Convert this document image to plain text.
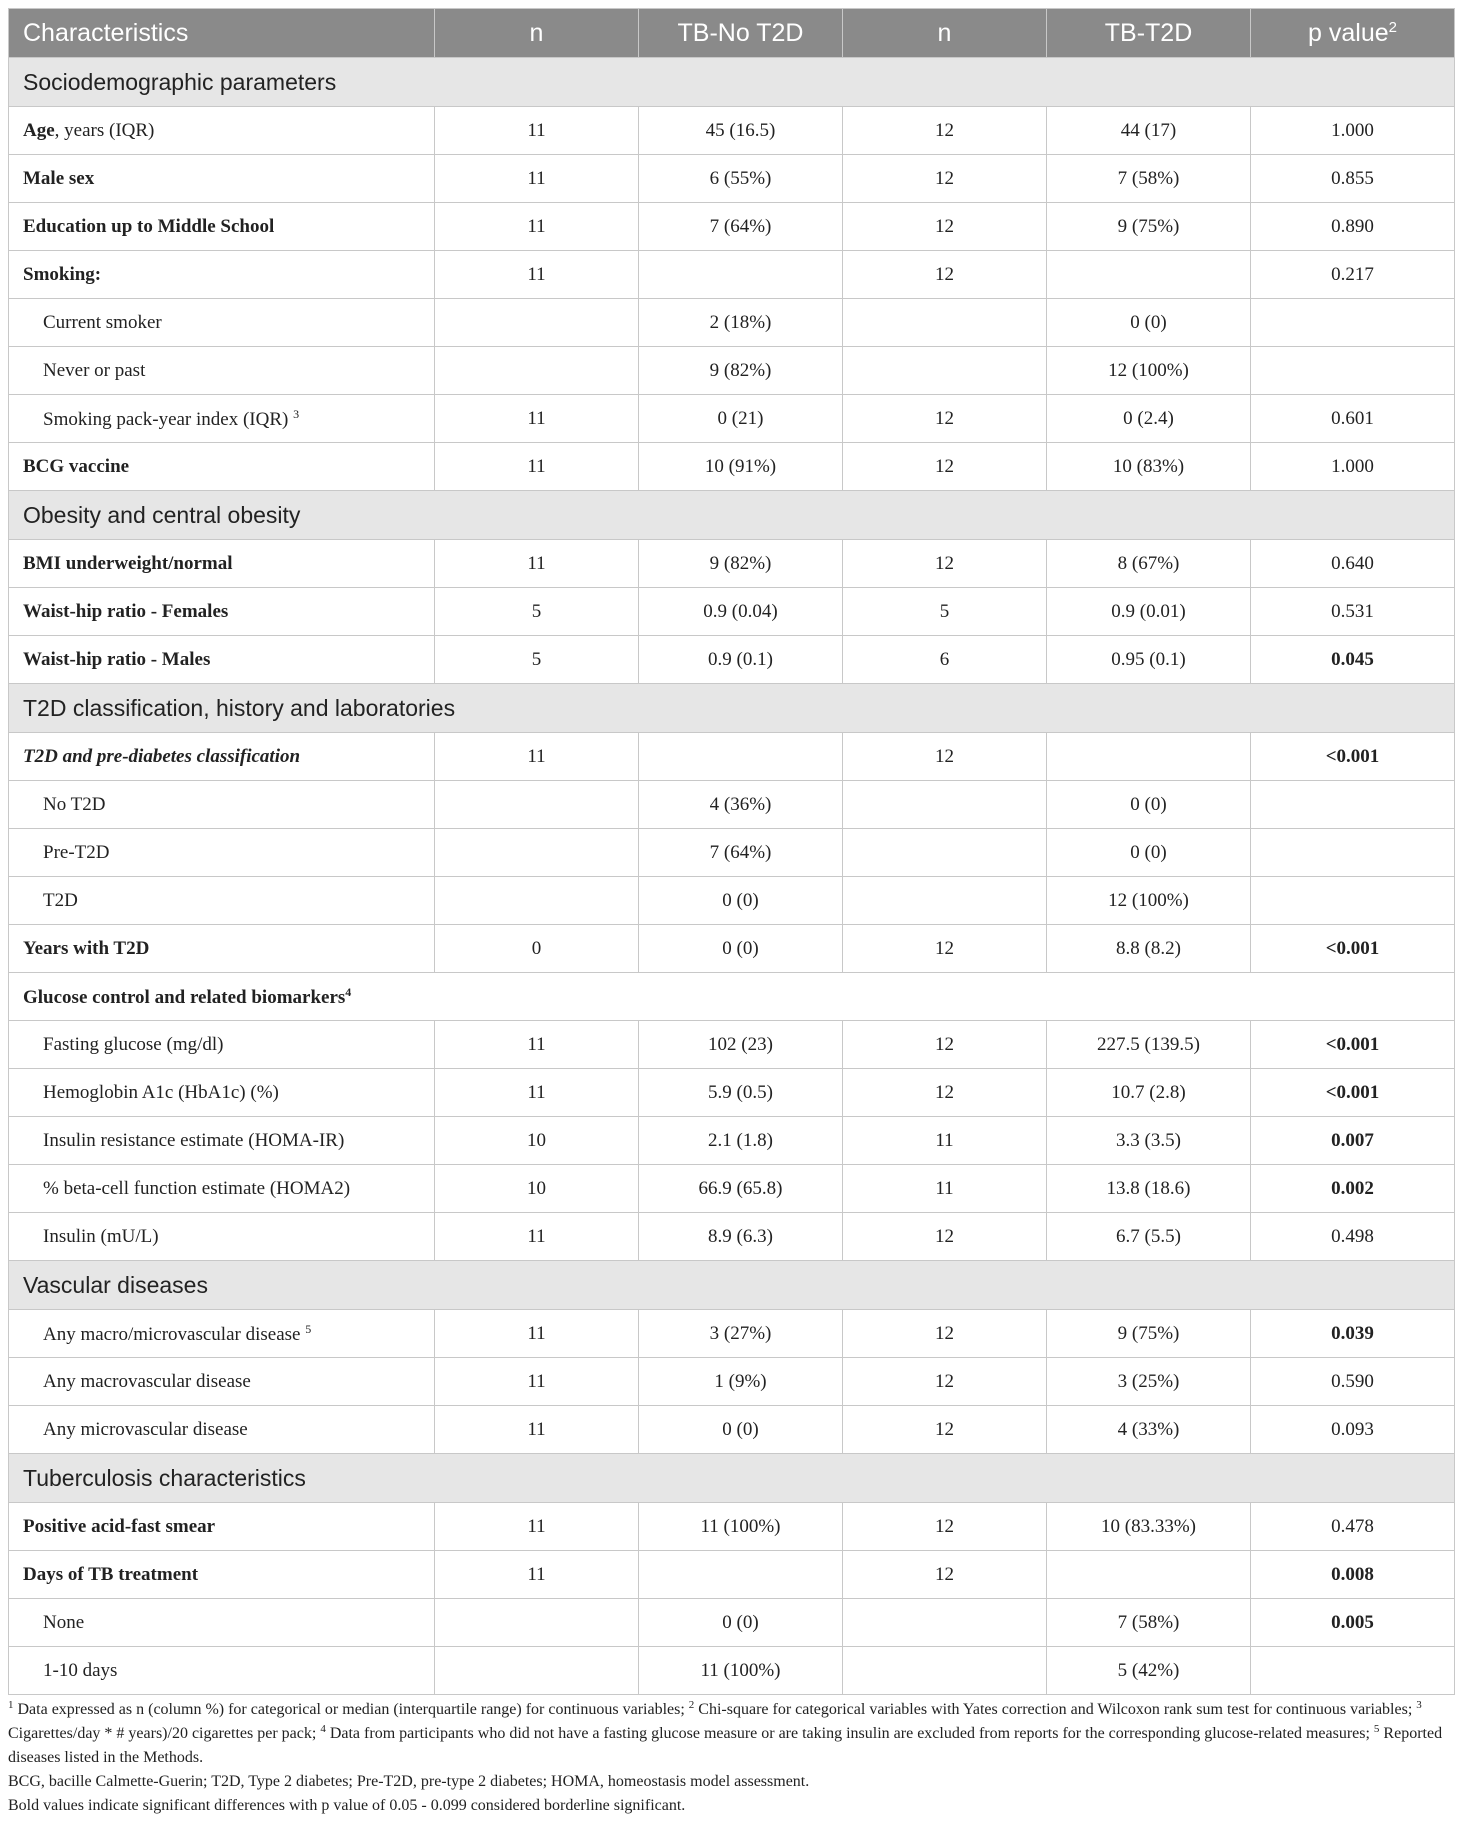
Characteristics	n	TB-No T2D	n	TB-T2D	p value$^2$
Sociodemographic parameters					
Age, years (IQR)	11	45 (16.5)	12	44 (17)	1.000
Male sex	11	6 (55%)	12	7 (58%)	0.855
Education up to Middle School	11	7 (64%)	12	9 (75%)	0.890
Smoking:	11		12		0.217
Current smoker		2 (18%)		0 (0)	
Never or past		9 (82%)		12 (100%)	
Smoking pack-year index (IQR) $^3$	11	0 (21)	12	0 (2.4)	0.601
BCG vaccine	11	10 (91%)	12	10 (83%)	1.000
Obesity and central obesity					
BMI underweight/normal	11	9 (82%)	12	8 (67%)	0.640
Waist-hip ratio - Females	5	0.9 (0.04)	5	0.9 (0.01)	0.531
Waist-hip ratio - Males	5	0.9 (0.1)	6	0.95 (0.1)	0.045
T2D classification, history and laboratories					
T2D and pre-diabetes classification	11		12		<0.001
No T2D		4 (36%)		0 (0)	
Pre-T2D		7 (64%)		0 (0)	
T2D		0 (0)		12 (100%)	
Years with T2D	0	0 (0)	12	8.8 (8.2)	<0.001
Glucose control and related biomarkers$^4$
Fasting glucose (mg/dl)	11	102 (23)	12	227.5 (139.5)	<0.001
Hemoglobin A1c (HbA1c) (%)	11	5.9 (0.5)	12	10.7 (2.8)	<0.001
Insulin resistance estimate (HOMA-IR)	10	2.1 (1.8)	11	3.3 (3.5)	0.007
% beta-cell function estimate (HOMA2)	10	66.9 (65.8)	11	13.8 (18.6)	0.002
Insulin (mU/L)	11	8.9 (6.3)	12	6.7 (5.5)	0.498
Vascular diseases					
Any macro/microvascular disease $^5$	11	3 (27%)	12	9 (75%)	0.039
Any macrovascular disease	11	1 (9%)	12	3 (25%)	0.590
Any microvascular disease	11	0 (0)	12	4 (33%)	0.093
Tuberculosis characteristics					
Positive acid-fast smear	11	11 (100%)	12	10 (83.33%)	0.478
Days of TB treatment	11		12		0.008
None		0 (0)		7 (58%)	0.005
1-10 days		11 (100%)		5 (42%)	
$^1$ Data expressed as n (column %) for categorical or median (interquartile range) for continuous variables; $^2$ Chi-square for categorical variables with Yates correction and Wilcoxon rank sum test for continuous variables; $^3$ Cigarettes/day * # years)/20 cigarettes per pack; $^4$ Data from participants who did not have a fasting glucose measure or are taking insulin are excluded from reports for the corresponding glucose-related measures; $^5$ Reported diseases listed in the Methods.
BCG, bacille Calmette-Guerin; T2D, Type 2 diabetes; Pre-T2D, pre-type 2 diabetes; HOMA, homeostasis model assessment.
Bold values indicate significant differences with p value of 0.05 - 0.099 considered borderline significant.
